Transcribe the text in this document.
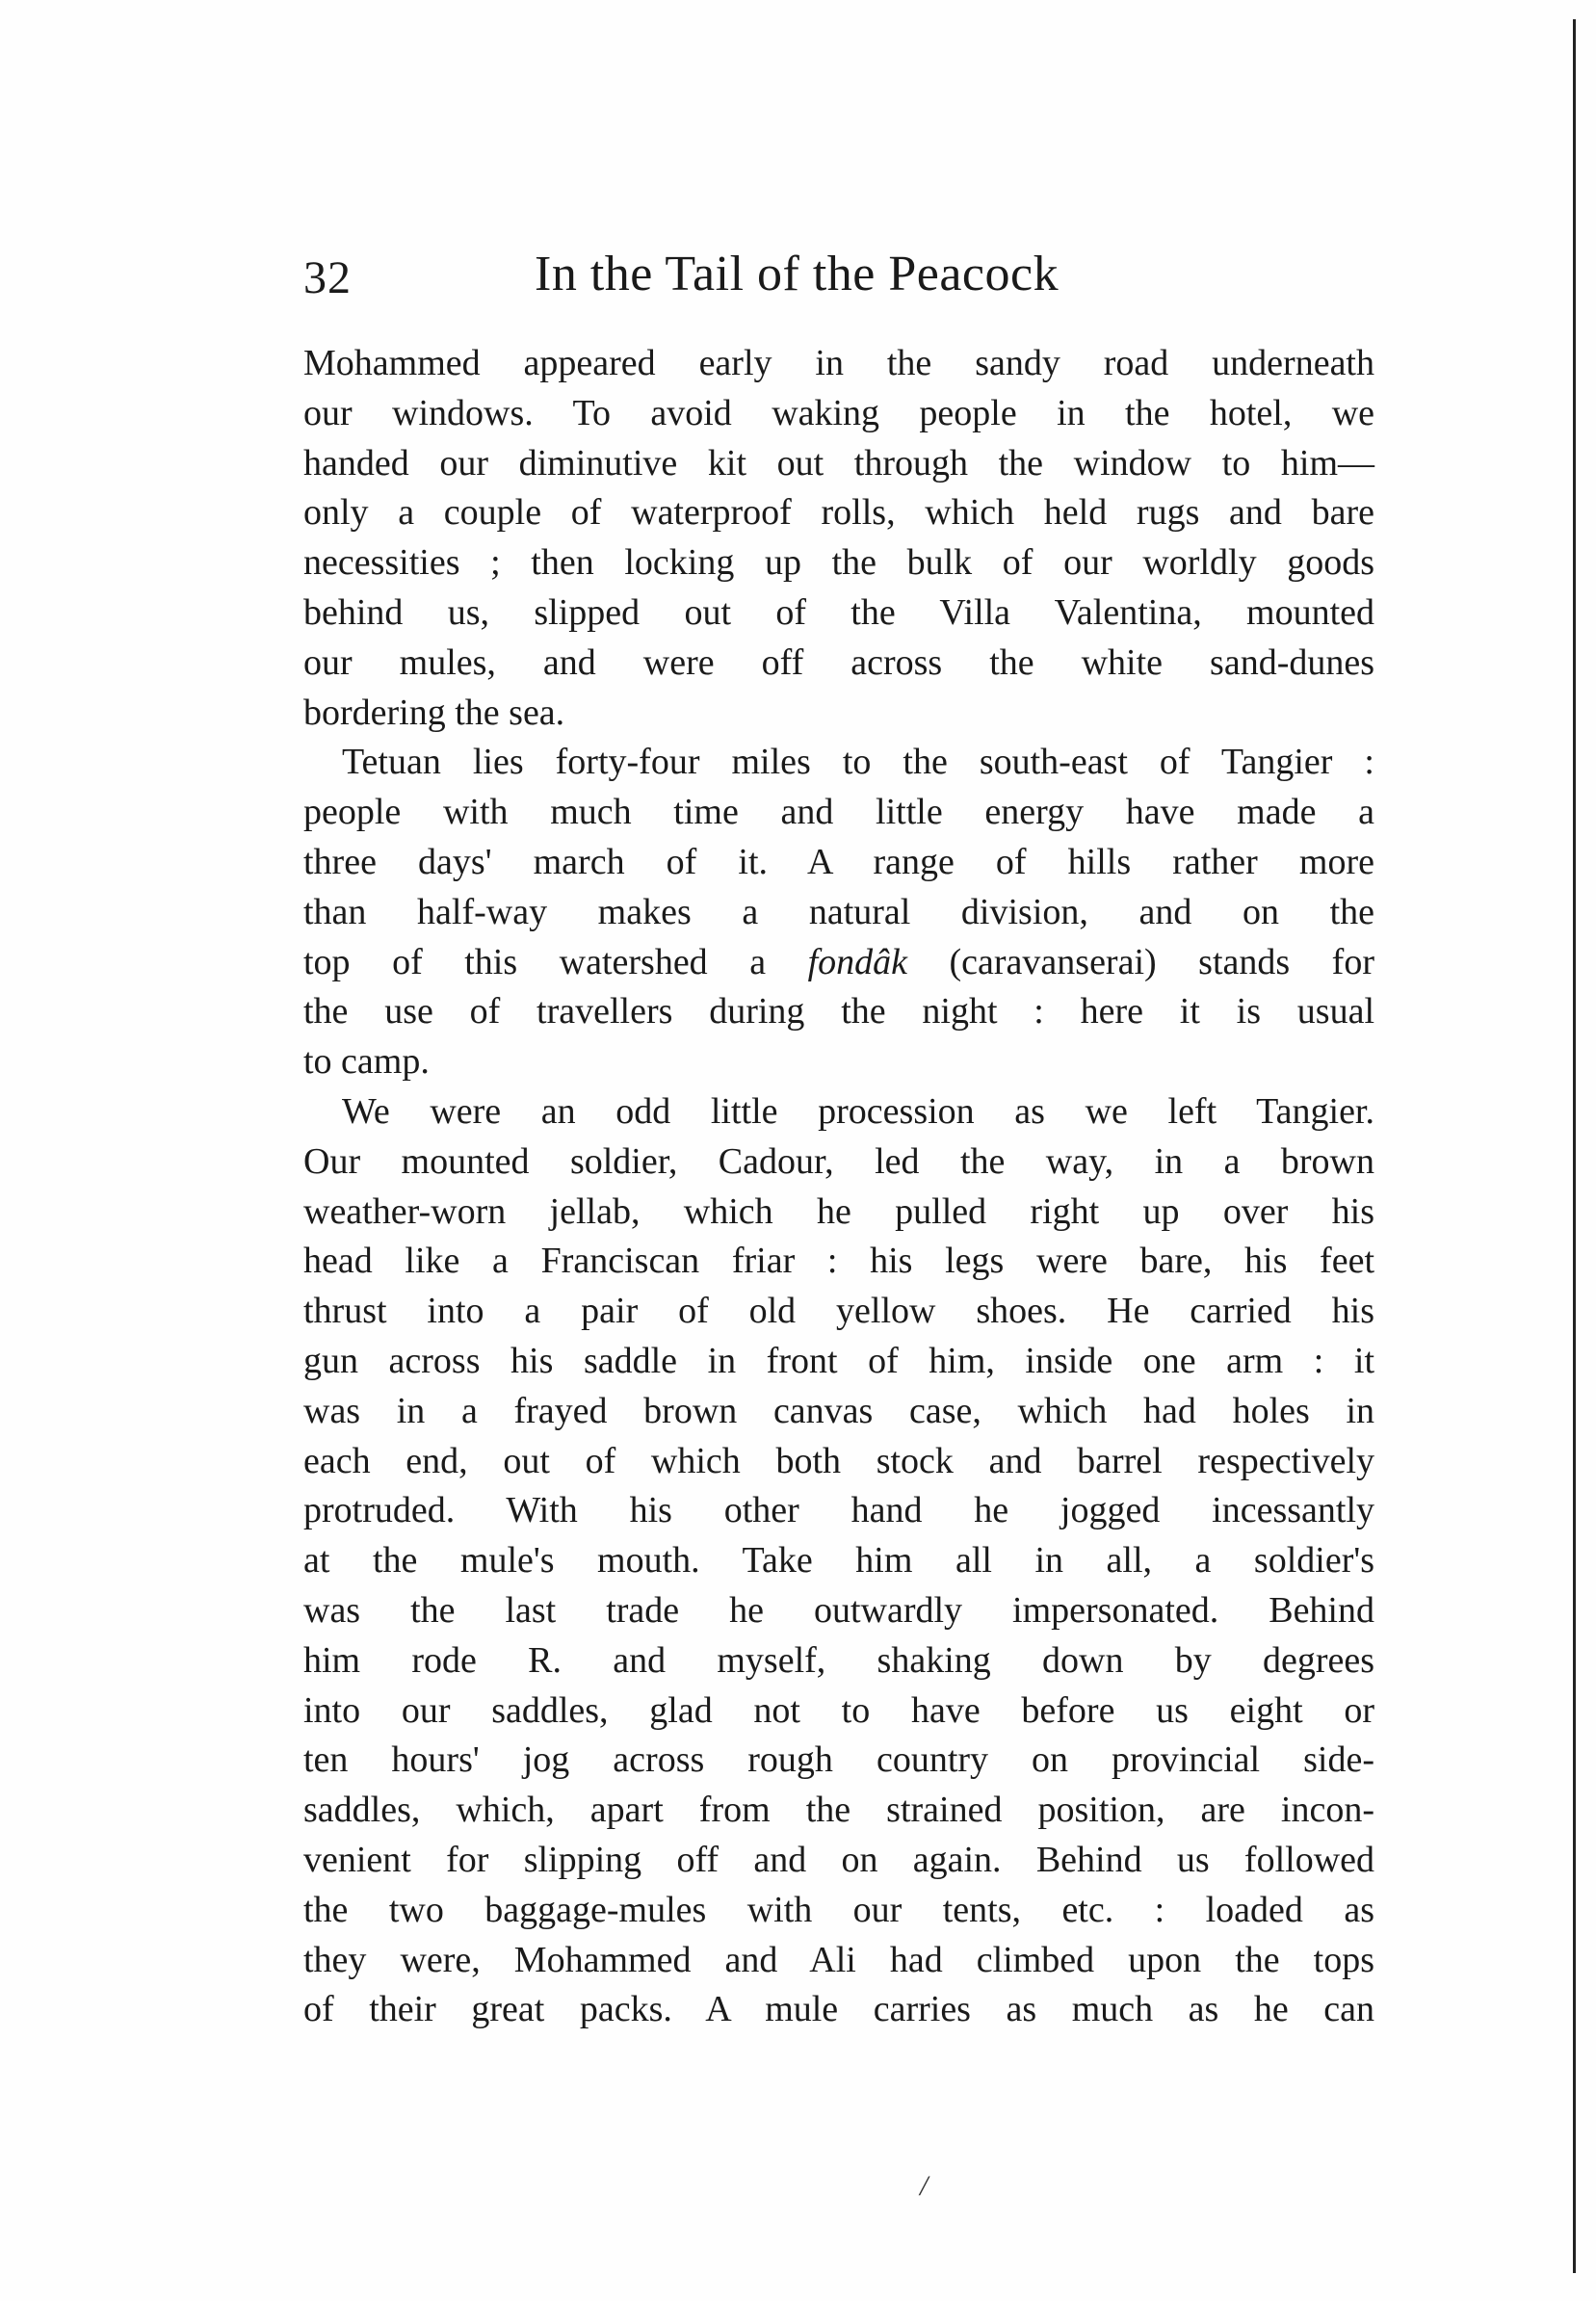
32	In the Tail of the Peacock
Mohammed appeared early in the sandy road underneath
our windows. To avoid waking people in the hotel, we
handed our diminutive kit out through the window to him—
only a couple of waterproof rolls, which held rugs and bare
necessities ; then locking up the bulk of our worldly goods
behind us, slipped out of the Villa Valentina, mounted
our mules, and were off across the white sand-dunes
bordering the sea.
Tetuan lies forty-four miles to the south-east of Tangier :
people with much time and little energy have made a
three days' march of it. A range of hills rather more
than half-way makes a natural division, and on the
top of this watershed a fondâk (caravanserai) stands for
the use of travellers during the night : here it is usual
to camp.
We were an odd little procession as we left Tangier.
Our mounted soldier, Cadour, led the way, in a brown
weather-worn jellab, which he pulled right up over his
head like a Franciscan friar : his legs were bare, his feet
thrust into a pair of old yellow shoes. He carried his
gun across his saddle in front of him, inside one arm : it
was in a frayed brown canvas case, which had holes in
each end, out of which both stock and barrel respectively
protruded. With his other hand he jogged incessantly
at the mule's mouth. Take him all in all, a soldier's
was the last trade he outwardly impersonated. Behind
him rode R. and myself, shaking down by degrees
into our saddles, glad not to have before us eight or
ten hours' jog across rough country on provincial side-
saddles, which, apart from the strained position, are incon-
venient for slipping off and on again. Behind us followed
the two baggage-mules with our tents, etc. : loaded as
they were, Mohammed and Ali had climbed upon the tops
of their great packs. A mule carries as much as he can
/
